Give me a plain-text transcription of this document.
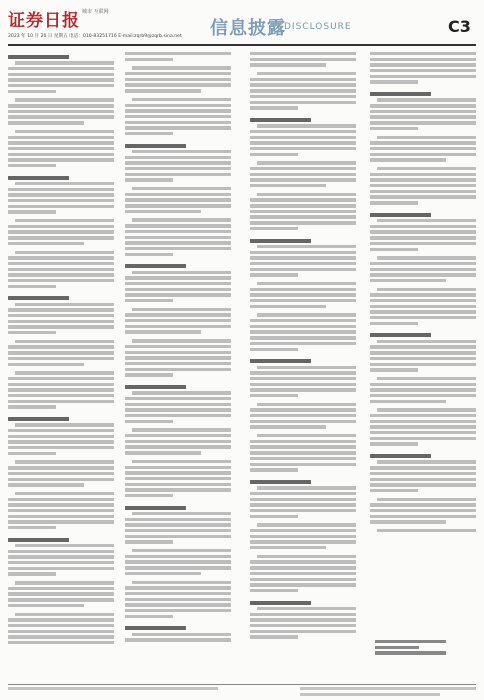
证券日报 城市 互联网
2023 年 10 月 20 日 星期五 电话：010-83251716 E-mail:zqrb9@zqrb.sina.net 信息披露
DISCLOSURE	C3
